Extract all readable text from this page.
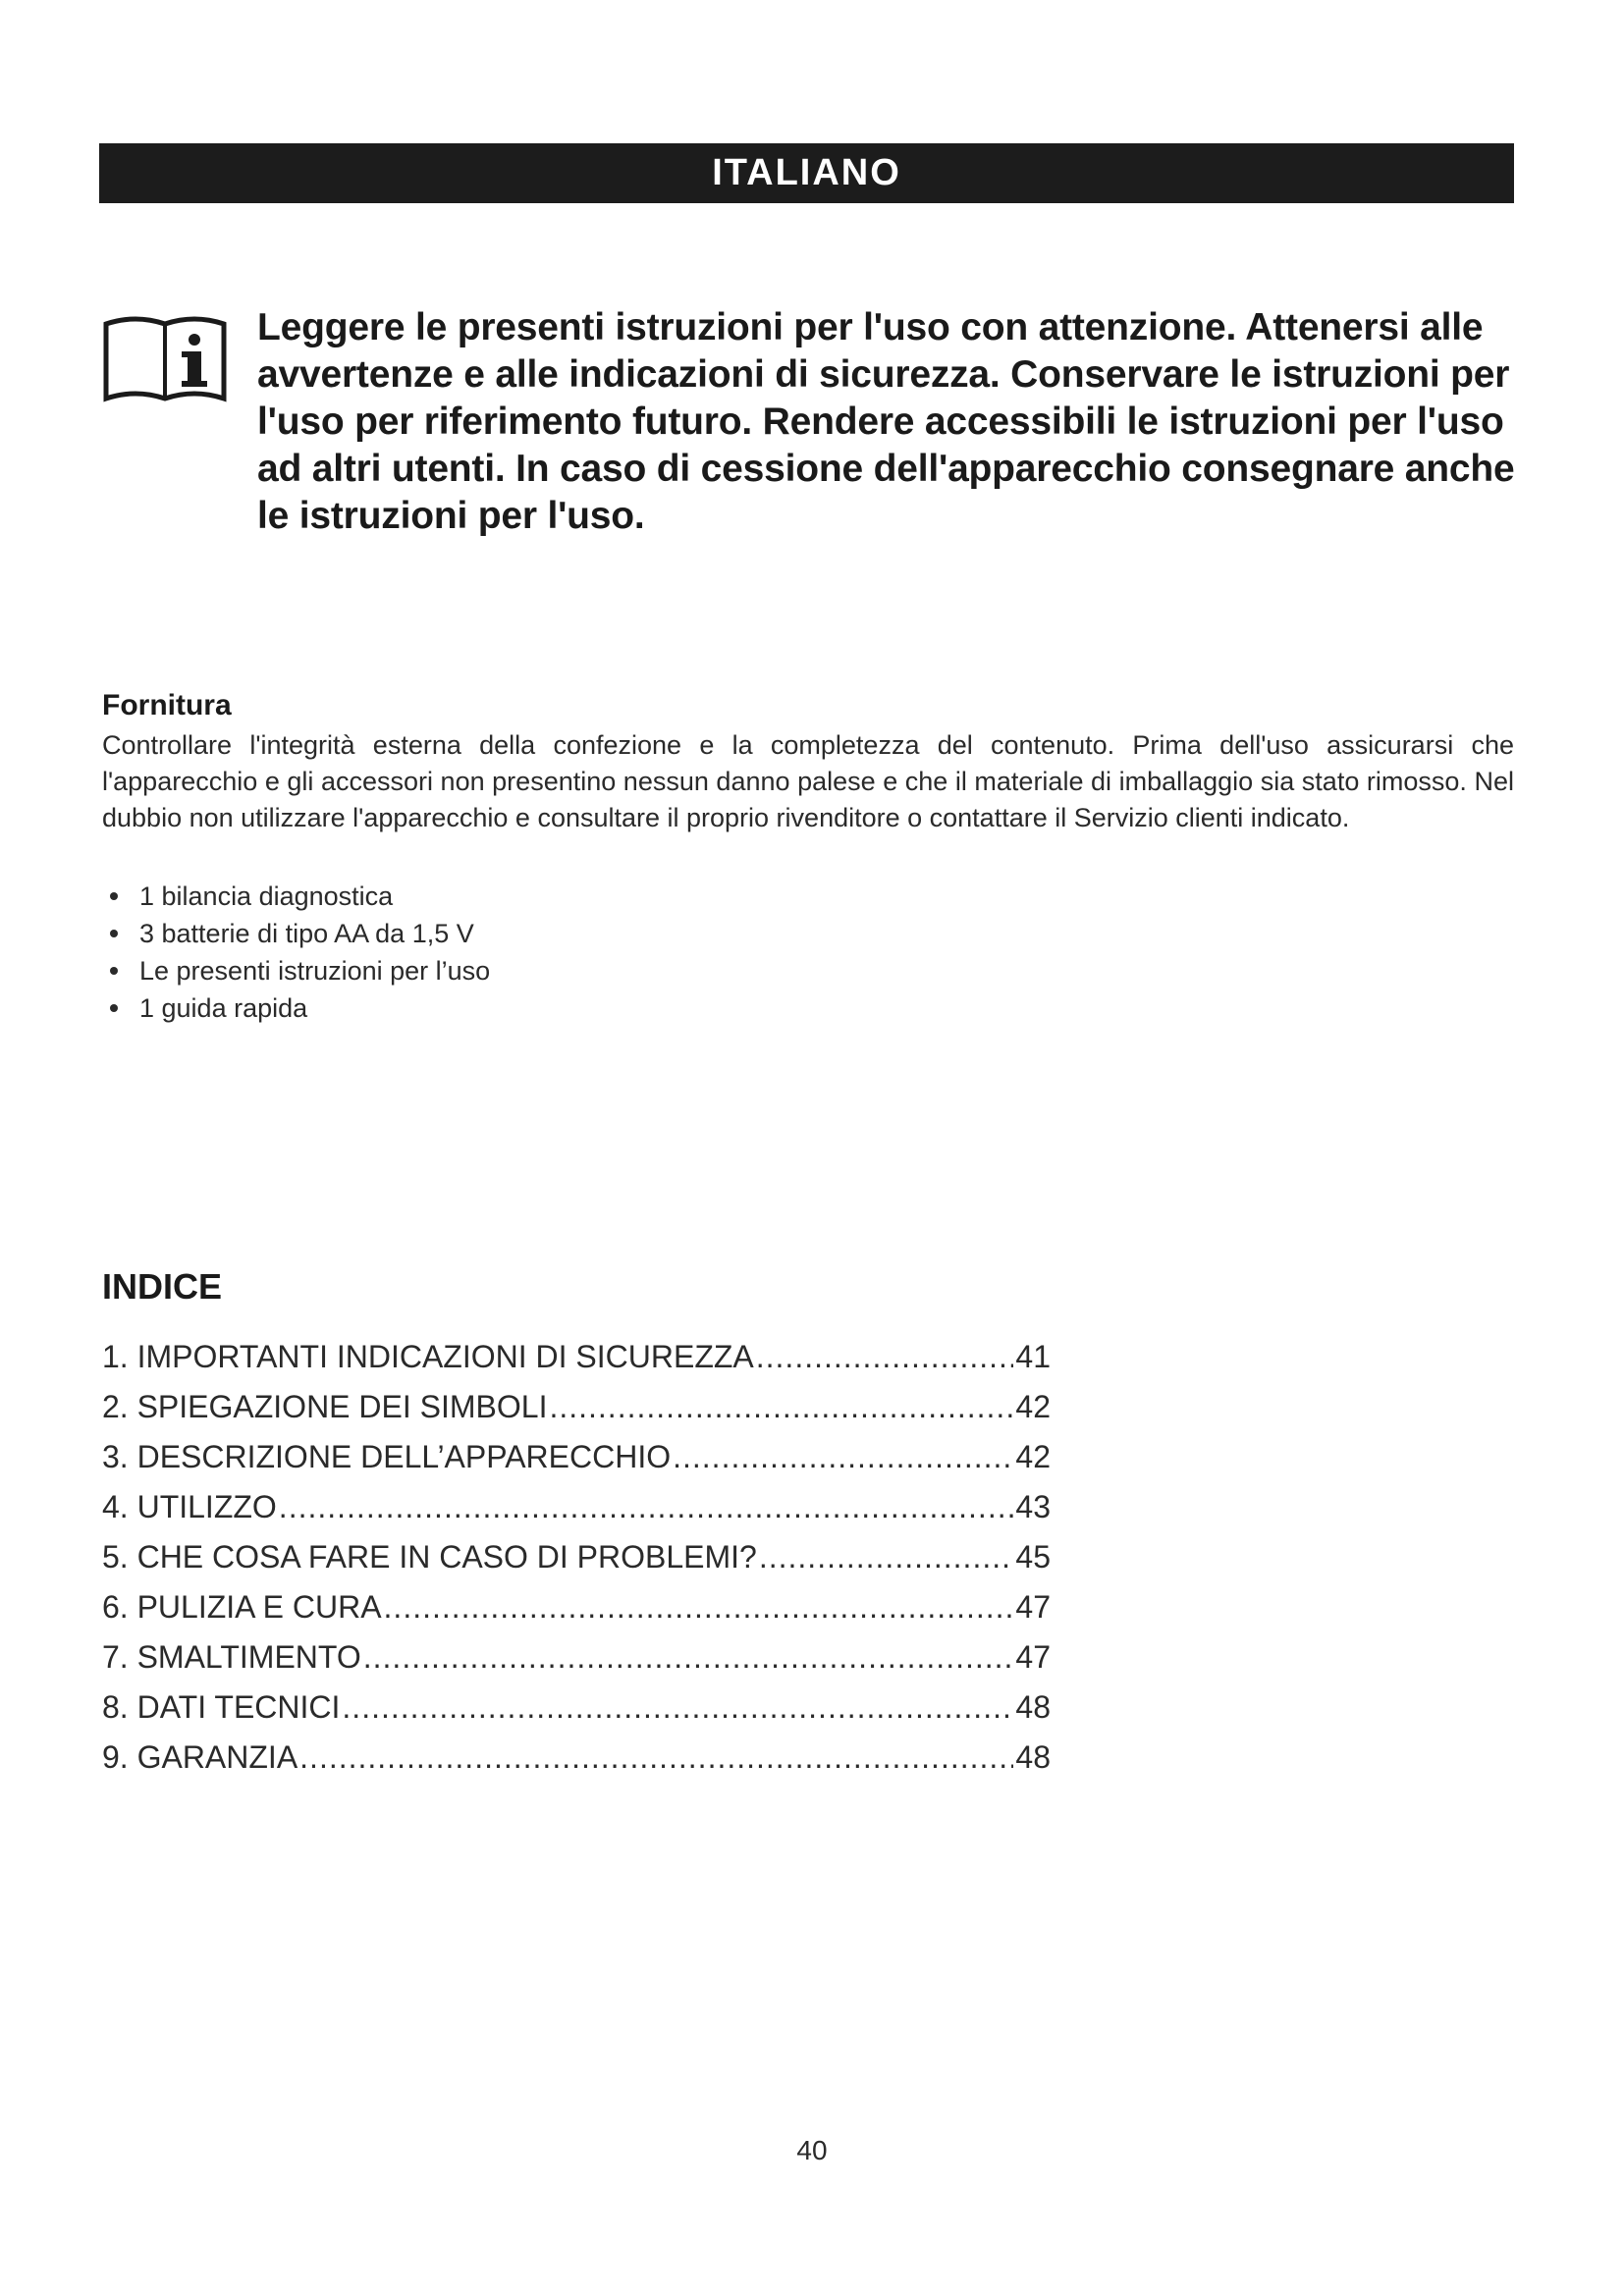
ITALIANO
Leggere le presenti istruzioni per l'uso con attenzione. Attenersi alle avvertenze e alle indicazioni di sicurezza. Conservare le istruzioni per l'uso per riferimento futuro. Rendere accessibili le istruzioni per l'uso ad altri utenti. In caso di cessione dell'apparecchio consegnare anche le istruzioni per l'uso.
Fornitura
Controllare l'integrità esterna della confezione e la completezza del contenuto. Prima dell'uso assicurarsi che l'apparecchio e gli accessori non presentino nessun danno palese e che il materiale di imballaggio sia stato rimosso. Nel dubbio non utilizzare l'apparecchio e consultare il proprio rivenditore o contattare il Servizio clienti indicato.
1 bilancia diagnostica
3 batterie di tipo AA da 1,5 V
Le presenti istruzioni per l’uso
1 guida rapida
INDICE
1. IMPORTANTI INDICAZIONI DI SICUREZZA .....	41
2. SPIEGAZIONE DEI SIMBOLI .....	42
3. DESCRIZIONE DELL’APPARECCHIO .....	42
4. UTILIZZO .....	43
5. CHE COSA FARE IN CASO DI PROBLEMI? .....	45
6. PULIZIA E CURA .....	47
7. SMALTIMENTO .....	47
8. DATI TECNICI .....	48
9. GARANZIA .....	48
40
